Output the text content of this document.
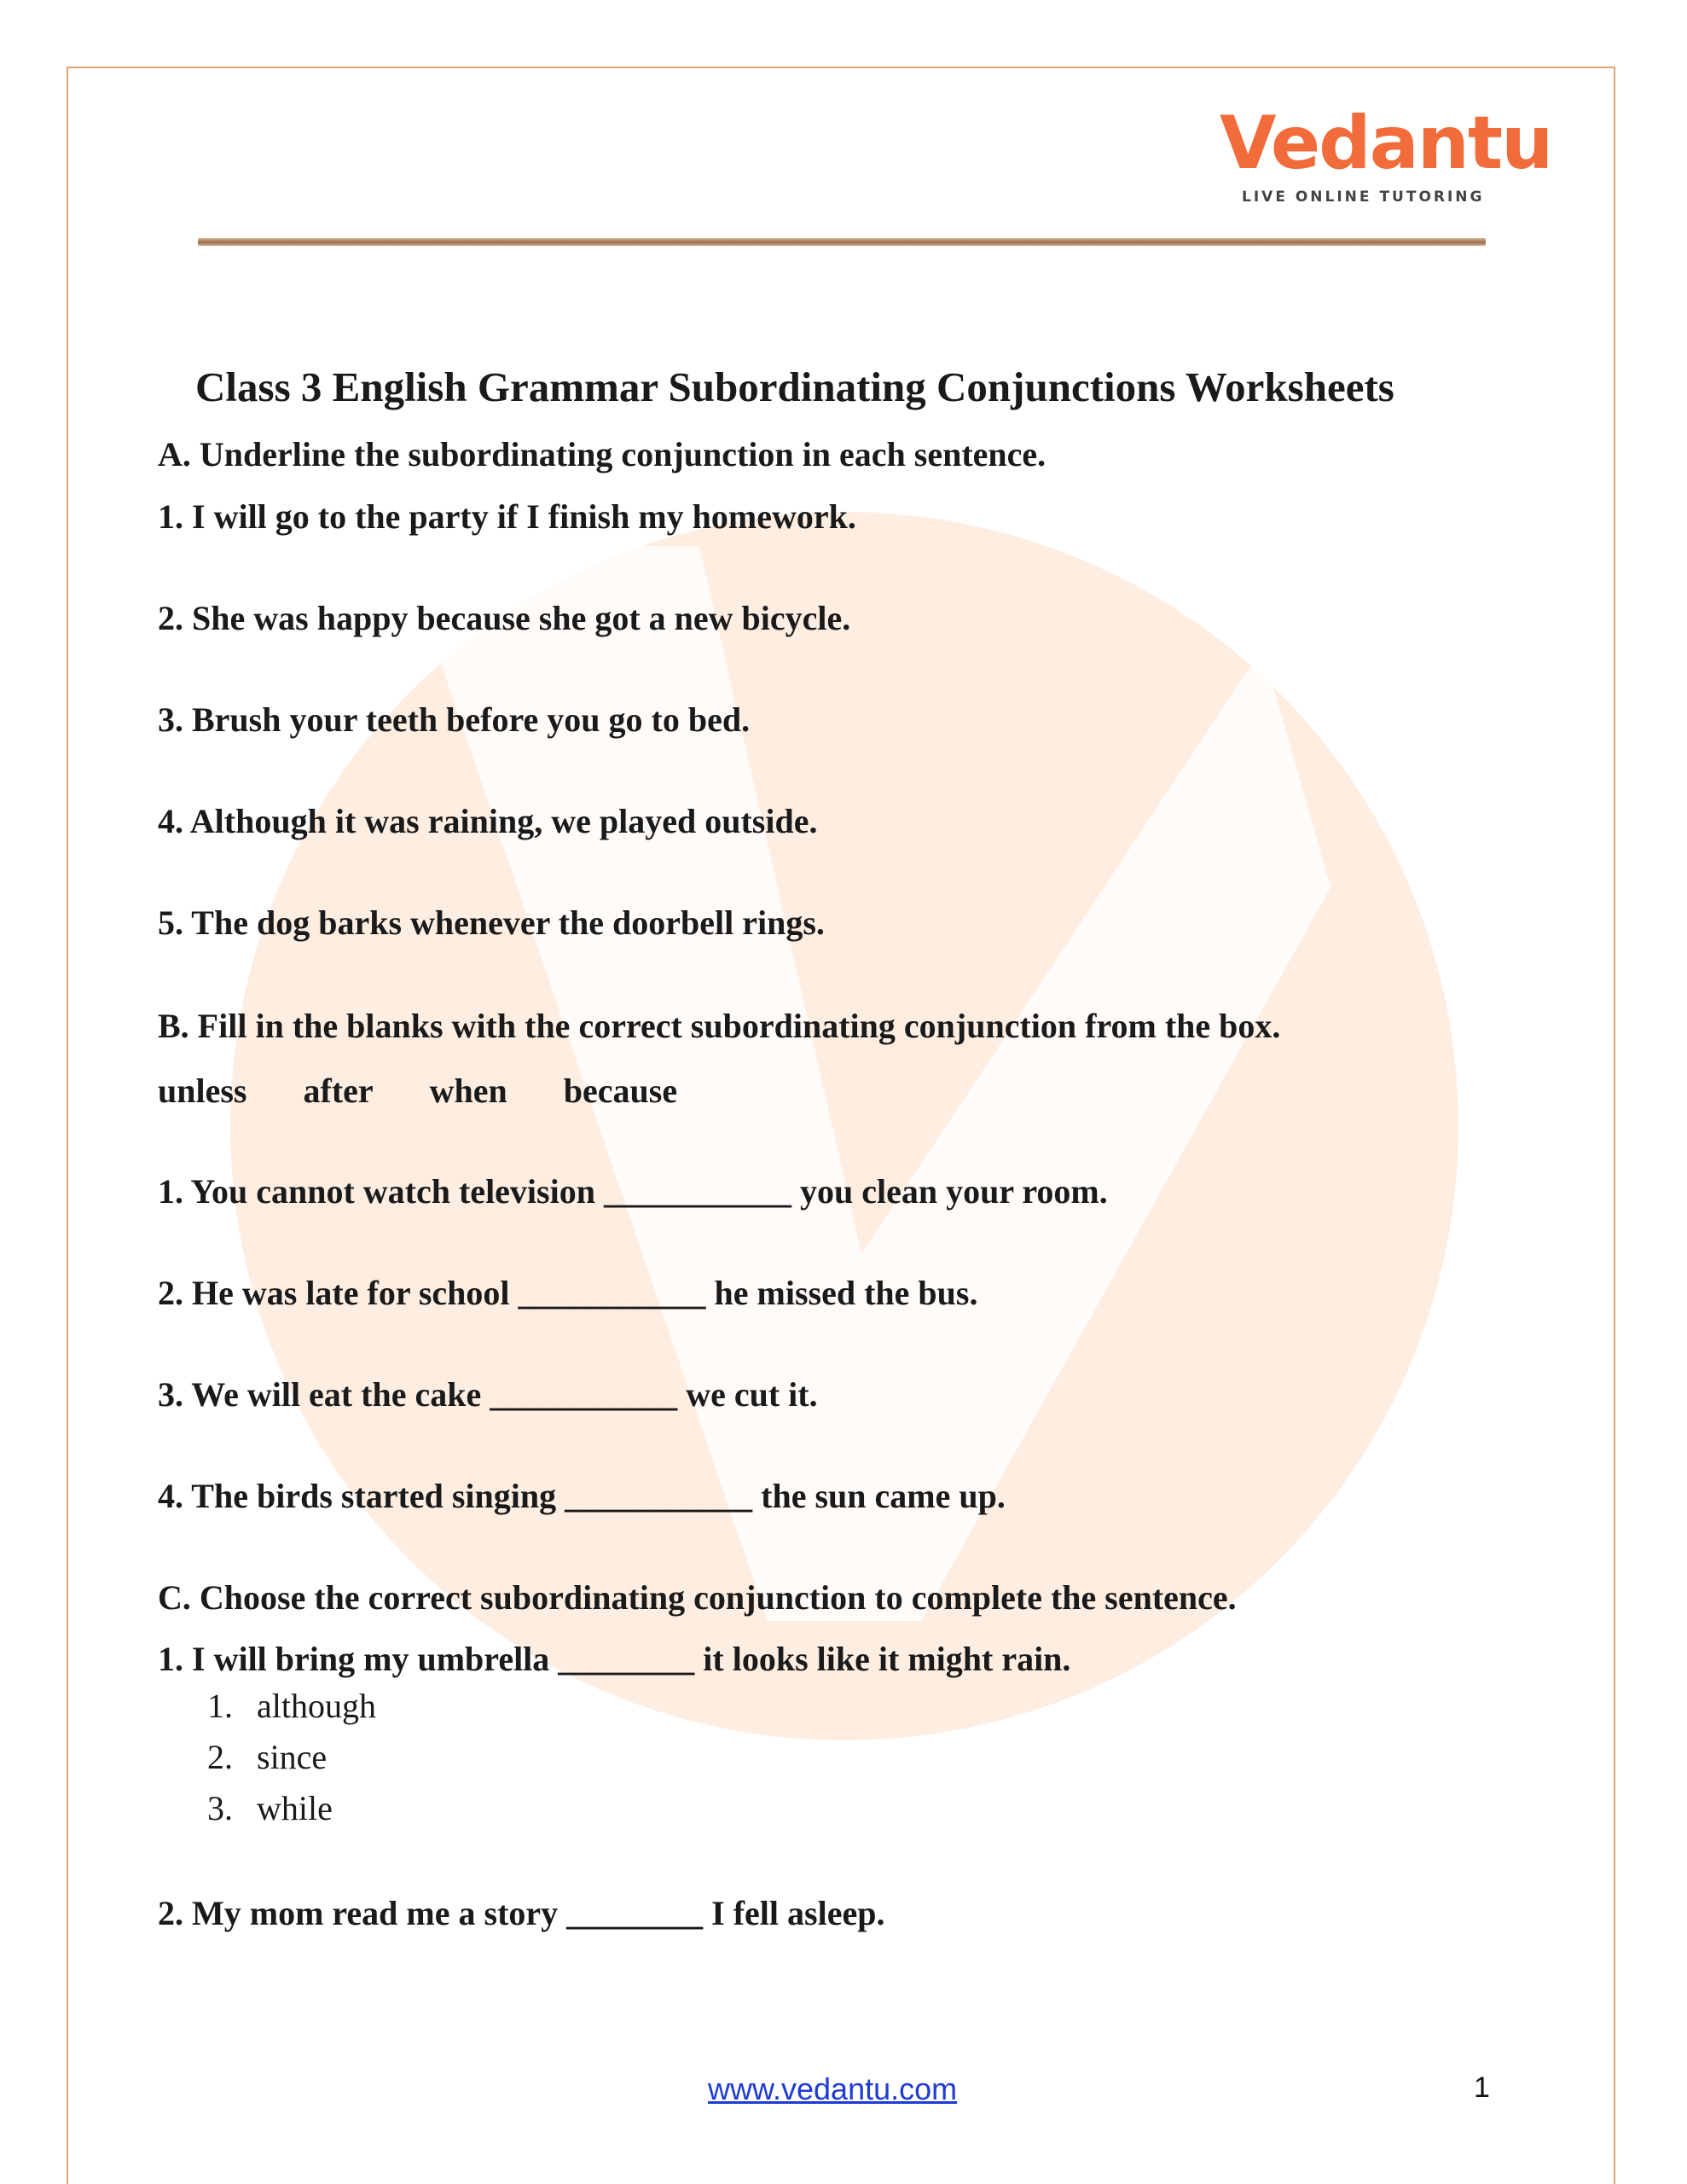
Vedantu
LIVE ONLINE TUTORING
Class 3 English Grammar Subordinating Conjunctions Worksheets
A. Underline the subordinating conjunction in each sentence.
1. I will go to the party if I finish my homework.
2. She was happy because she got a new bicycle.
3. Brush your teeth before you go to bed.
4. Although it was raining, we played outside.
5. The dog barks whenever the doorbell rings.
B. Fill in the blanks with the correct subordinating conjunction from the box.
unless after when because
1. You cannot watch television ___________ you clean your room.
2. He was late for school ___________ he missed the bus.
3. We will eat the cake ___________ we cut it.
4. The birds started singing ___________ the sun came up.
C. Choose the correct subordinating conjunction to complete the sentence.
1. I will bring my umbrella ________ it looks like it might rain.
1. although
2. since
3. while
2. My mom read me a story ________ I fell asleep.
www.vedantu.com	1
